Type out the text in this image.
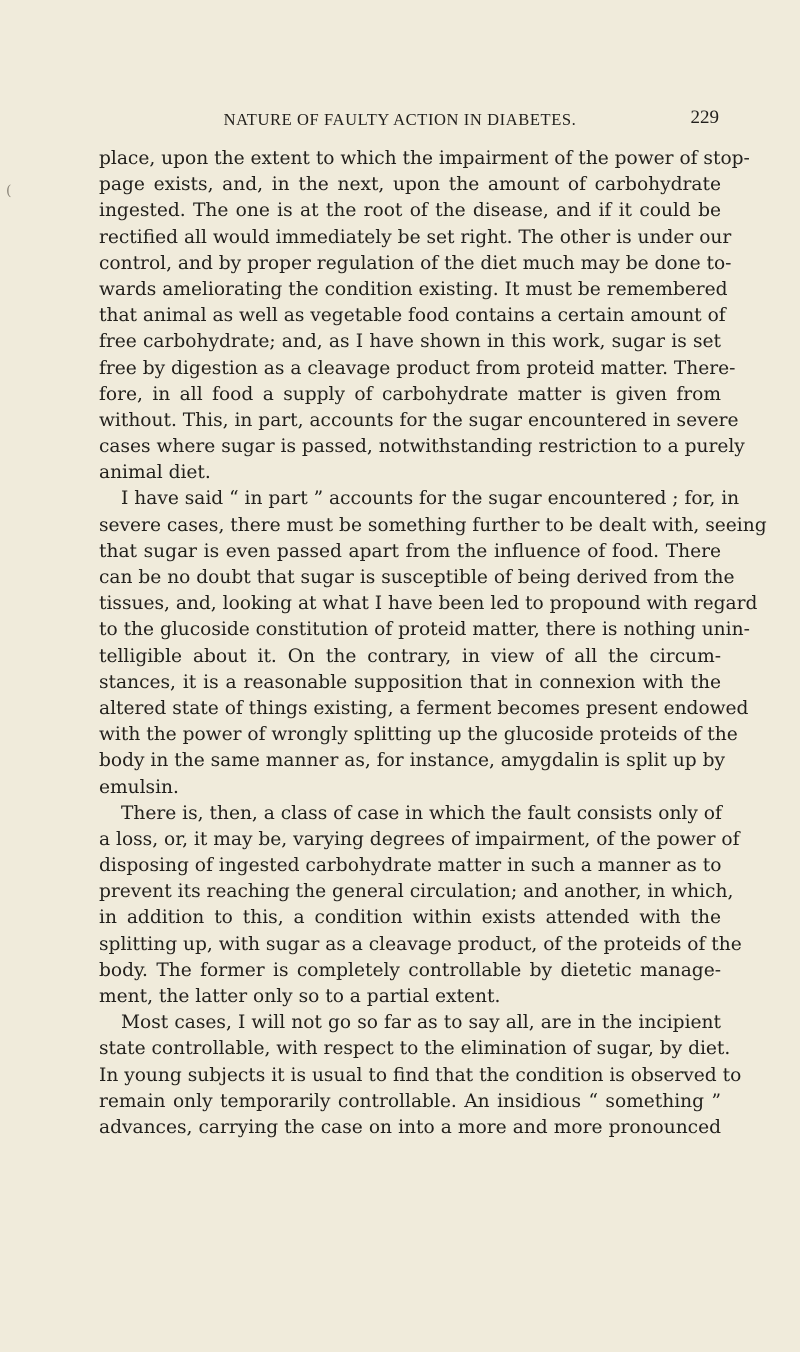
NATURE OF FAULTY ACTION IN DIABETES.	229
(
place, upon the extent to which the impairment of the power of stop-
page exists, and, in the next, upon the amount of carbohydrate
ingested. The one is at the root of the disease, and if it could be
rectified all would immediately be set right. The other is under our
control, and by proper regulation of the diet much may be done to-
wards ameliorating the condition existing. It must be remembered
that animal as well as vegetable food contains a certain amount of
free carbohydrate; and, as I have shown in this work, sugar is set
free by digestion as a cleavage product from proteid matter. There-
fore, in all food a supply of carbohydrate matter is given from
without. This, in part, accounts for the sugar encountered in severe
cases where sugar is passed, notwithstanding restriction to a purely
animal diet.
I have said “ in part ” accounts for the sugar encountered ; for, in
severe cases, there must be something further to be dealt with, seeing
that sugar is even passed apart from the influence of food. There
can be no doubt that sugar is susceptible of being derived from the
tissues, and, looking at what I have been led to propound with regard
to the glucoside constitution of proteid matter, there is nothing unin-
telligible about it. On the contrary, in view of all the circum-
stances, it is a reasonable supposition that in connexion with the
altered state of things existing, a ferment becomes present endowed
with the power of wrongly splitting up the glucoside proteids of the
body in the same manner as, for instance, amygdalin is split up by
emulsin.
There is, then, a class of case in which the fault consists only of
a loss, or, it may be, varying degrees of impairment, of the power of
disposing of ingested carbohydrate matter in such a manner as to
prevent its reaching the general circulation; and another, in which,
in addition to this, a condition within exists attended with the
splitting up, with sugar as a cleavage product, of the proteids of the
body. The former is completely controllable by dietetic manage-
ment, the latter only so to a partial extent.
Most cases, I will not go so far as to say all, are in the incipient
state controllable, with respect to the elimination of sugar, by diet.
In young subjects it is usual to find that the condition is observed to
remain only temporarily controllable. An insidious “ something ”
advances, carrying the case on into a more and more pronounced
